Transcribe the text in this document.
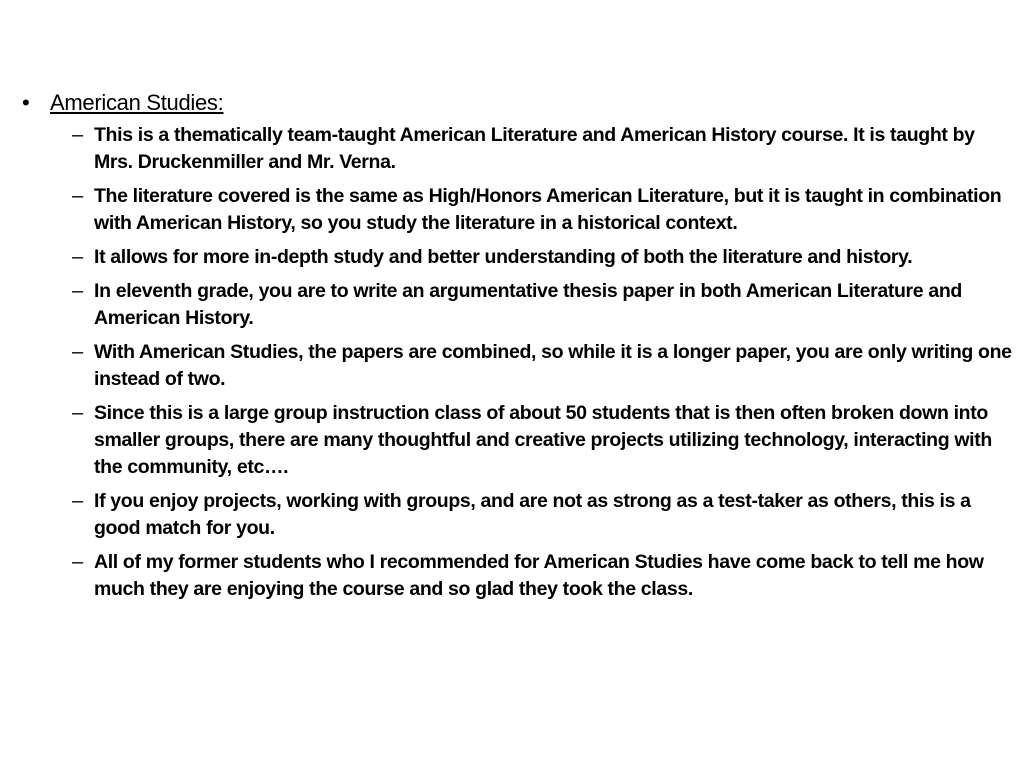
• American Studies:
– This is a thematically team-taught American Literature and American History course. It is taught by Mrs. Druckenmiller and Mr. Verna.
– The literature covered is the same as High/Honors American Literature, but it is taught in combination with American History, so you study the literature in a historical context.
– It allows for more in-depth study and better understanding of both the literature and history.
– In eleventh grade, you are to write an argumentative thesis paper in both American Literature and American History.
– With American Studies, the papers are combined, so while it is a longer paper, you are only writing one instead of two.
– Since this is a large group instruction class of about 50 students that is then often broken down into smaller groups, there are many thoughtful and creative projects utilizing technology, interacting with the community, etc….
– If you enjoy projects, working with groups, and are not as strong as a test-taker as others, this is a good match for you.
– All of my former students who I recommended for American Studies have come back to tell me how much they are enjoying the course and so glad they took the class.
